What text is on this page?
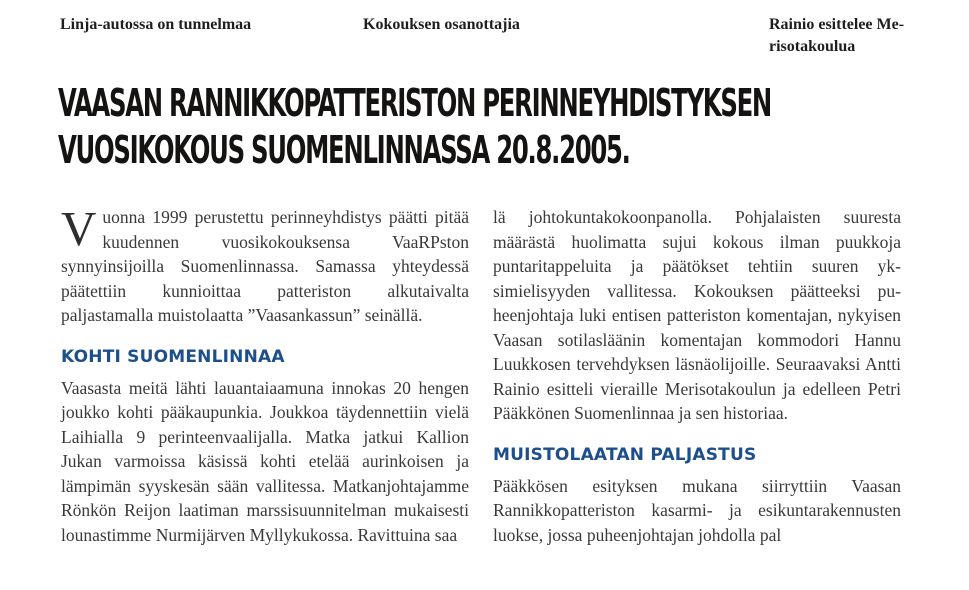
Linja-autossa on tunnelmaa	Kokouksen osanottajia	Rainio esittelee Me-
risotakoulua
VAASAN RANNIKKOPATTERISTON PERINNEYHDISTYKSEN
VUOSIKOKOUS SUOMENLINNASSA 20.8.2005.

Vuonna 1999 perustettu perinneyhdistys päätti pitää kuudennen vuosikokouksensa VaaRPston synnyinsijoilla Suomenlinnassa. Samassa yhteydessä päätettiin kunnioittaa patteriston alkutaivalta paljastamalla muistolaatta ”Vaasankassun” seinällä.

KOHTI SUOMENLINNAA

Vaasasta meitä lähti lauantaiaamuna innokas 20 hengen joukko kohti pääkaupunkia. Joukkoa täydennettiin vielä Laihialla 9 perinteenvaalijalla. Matka jatkui Kallion Jukan varmoissa käsissä kohti etelää aurinkoisen ja lämpimän syyskesän sään vallitessa. Matkanjohtajamme Rönkön Reijon laatiman marssisuunnitelman mukaisesti lounastimme Nurmijärven Myllykukossa. Ravittuina saa

lä johtokuntakokoonpanolla. Pohjalaisten suuresta määrästä huolimatta sujui kokous ilman puukkoja puntaritappeluita ja päätökset tehtiin suuren yksimielisyyden vallitessa. Kokouksen päätteeksi puheenjohtaja luki entisen patteriston komentajan, nykyisen Vaasan sotilasläänin komentajan kommodori Hannu Luukkosen tervehdyksen läsnäolijoille. Seuraavaksi Antti Rainio esitteli vieraille Merisotakoulun ja edelleen Petri Pääkkönen Suomenlinnaa ja sen historiaa.

MUISTOLAATAN PALJASTUS

Pääkkösen esityksen mukana siirryttiin Vaasan Rannikkopatteriston kasarmi- ja esikuntarakennusten luokse, jossa puheenjohtajan johdolla pal
